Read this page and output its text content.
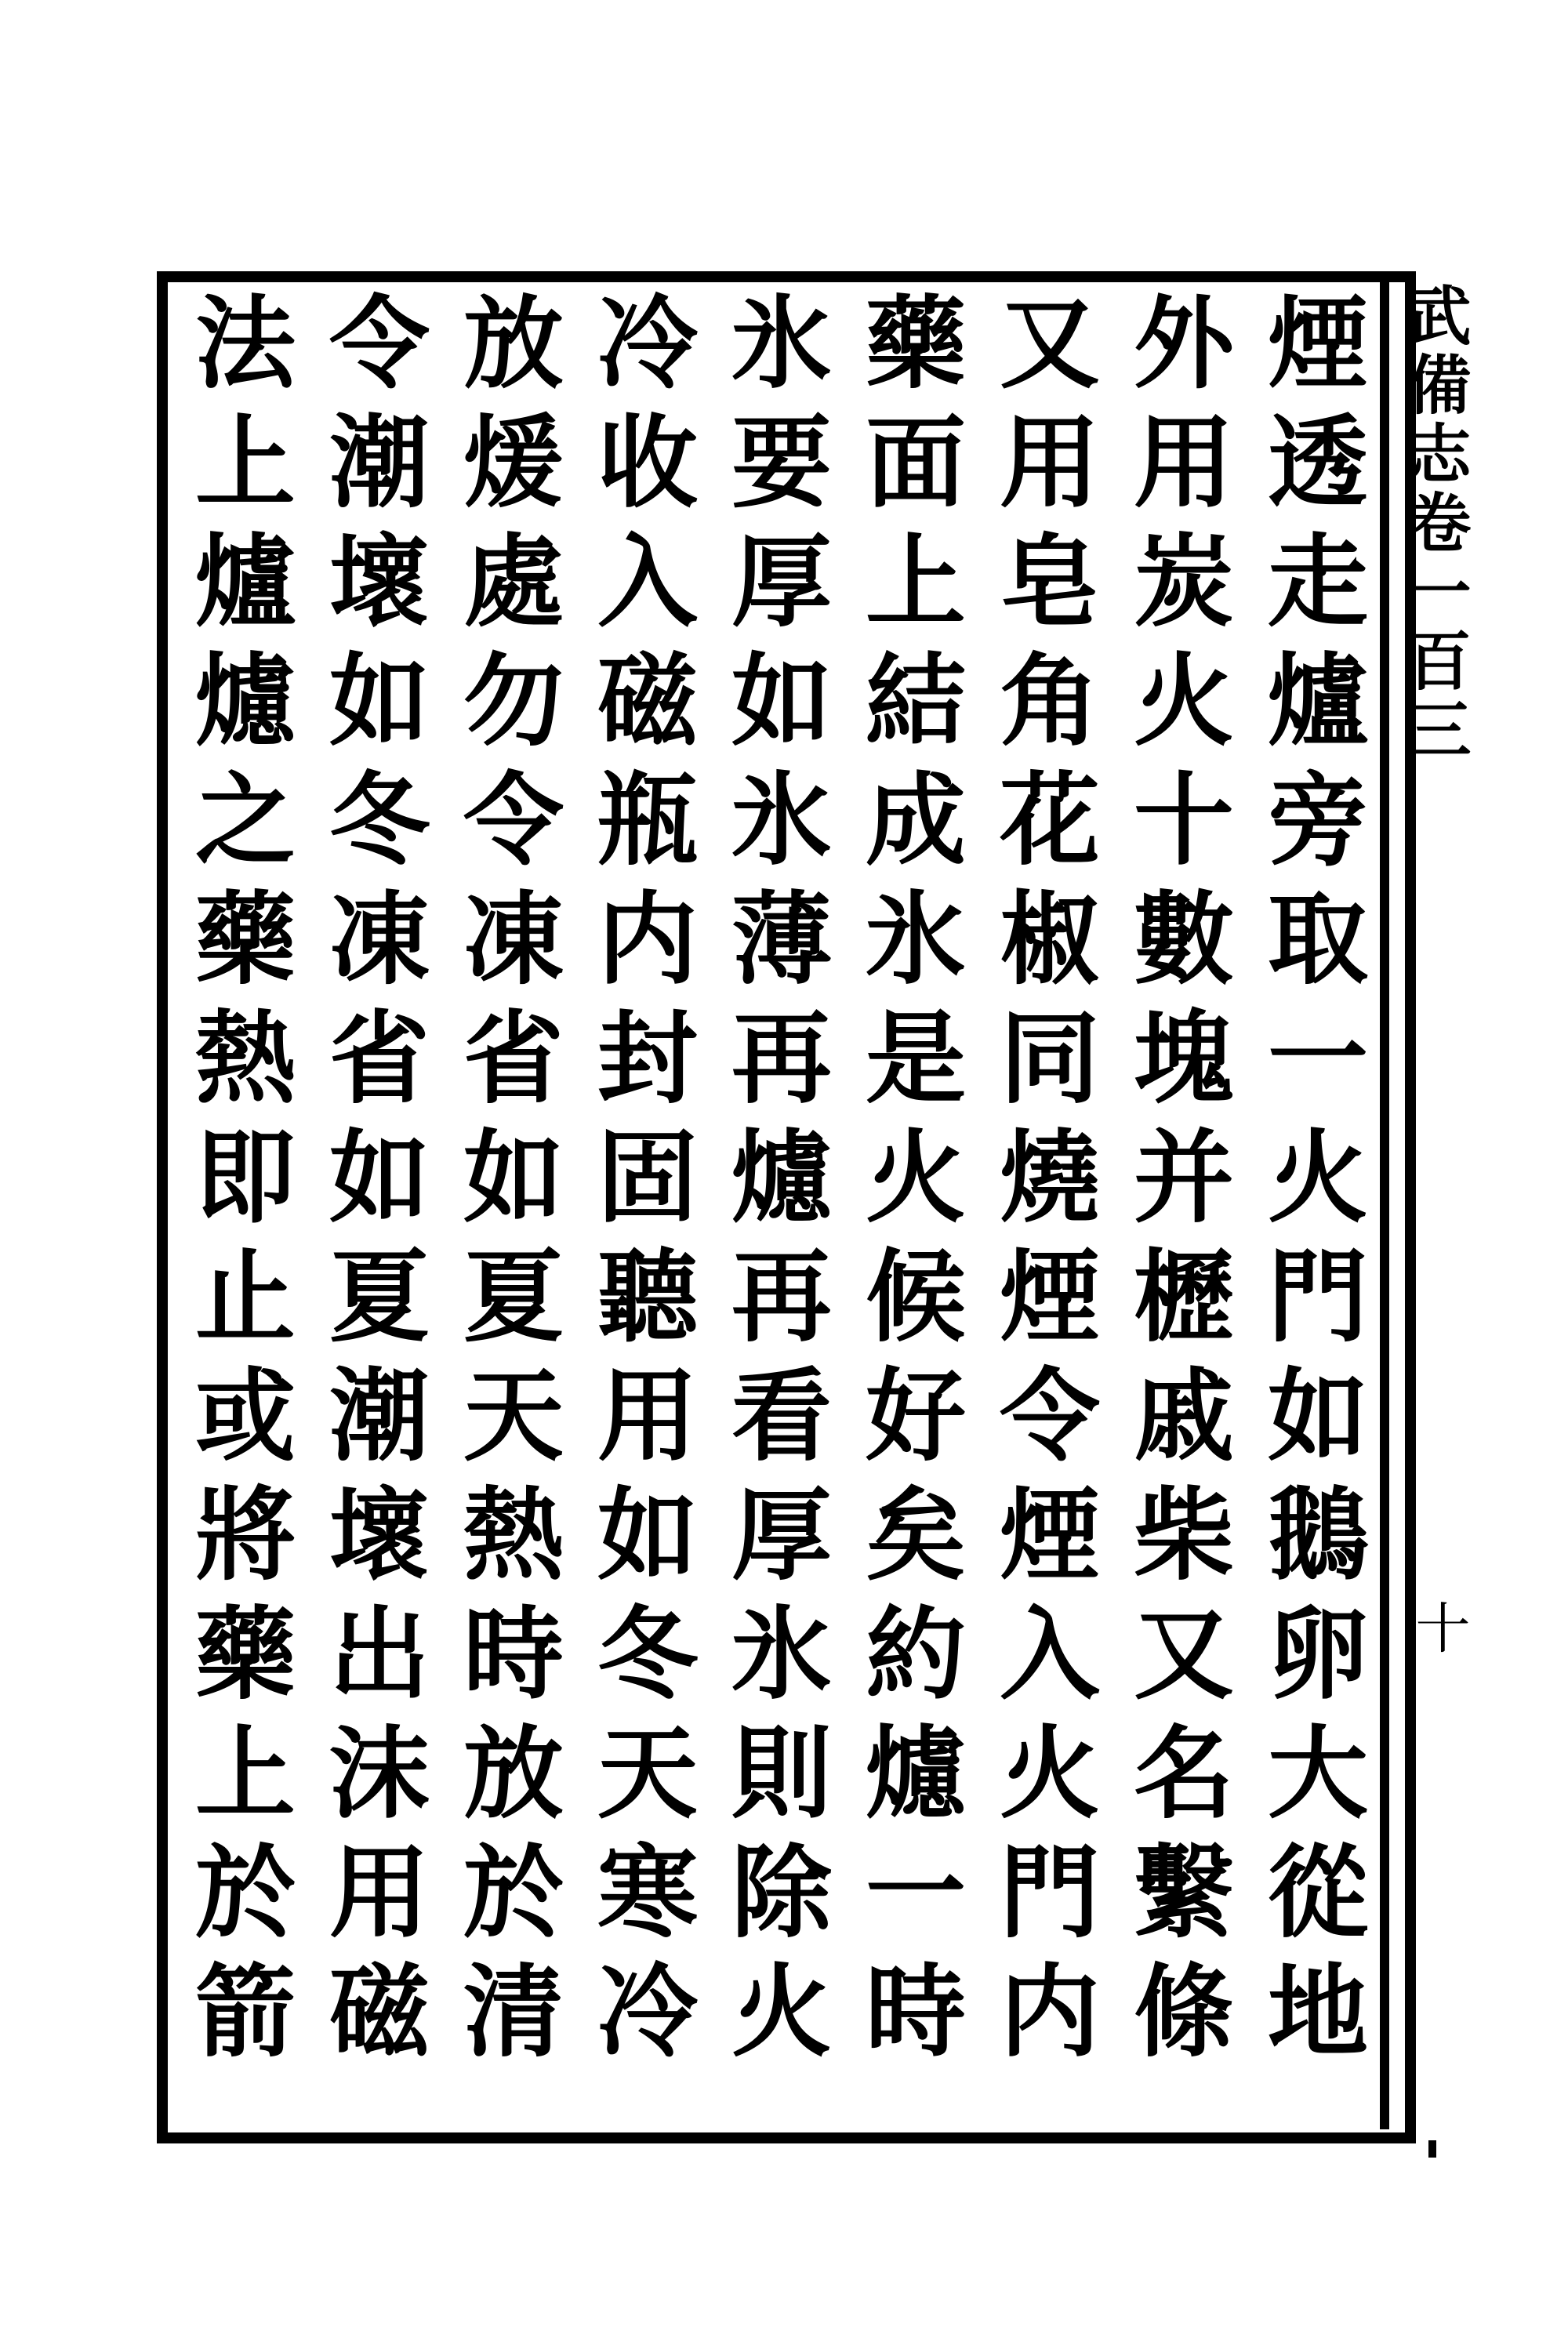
武備志卷一百三
十
煙透走爐旁取一火門如鵝卵大從地
外用炭火十數塊并櫪戚柴又名繫條
又用皂角花椒同燒煙令煙入火門内
藥面上結成氷是火候好矣約爈一時
氷要厚如氷薄再爈再看厚氷則除火
冷收入磁瓶内封固聽用如冬天寒冷
放煖處勿令凍省如夏天熱時放於清
令潮壞如冬凍省如夏潮壞出沫用磁
法上爐爈之藥熱即止或將藥上於箭
